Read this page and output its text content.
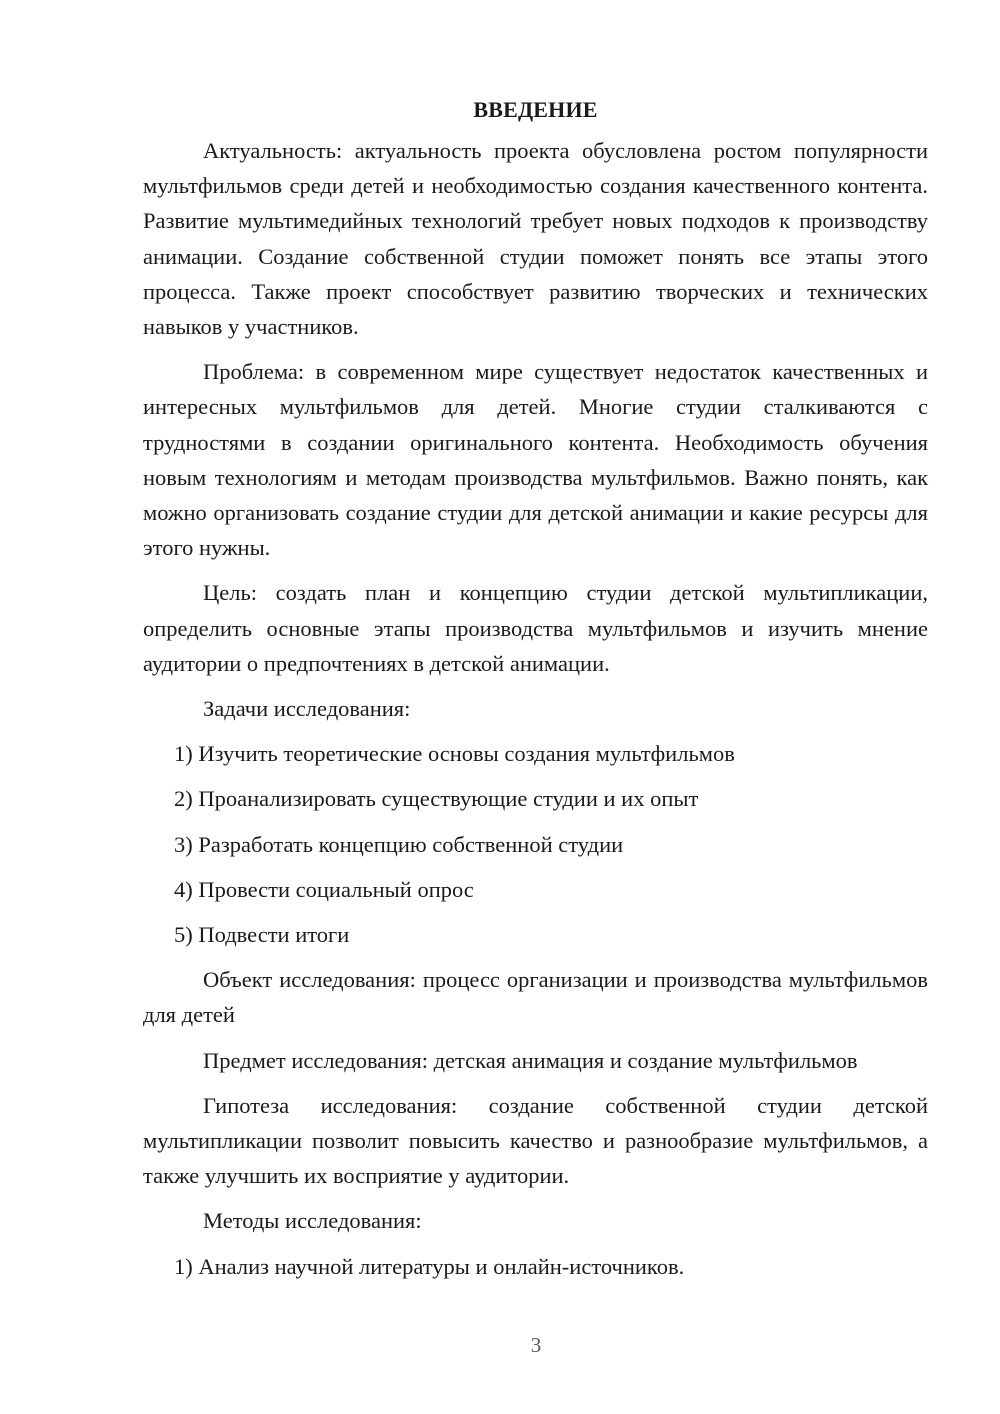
ВВЕДЕНИЕ

Актуальность: актуальность проекта обусловлена ростом популярности мультфильмов среди детей и необходимостью создания качественного контента. Развитие мультимедийных технологий требует новых подходов к производству анимации. Создание собственной студии поможет понять все этапы этого процесса. Также проект способствует развитию творческих и технических навыков у участников.

Проблема: в современном мире существует недостаток качественных и интересных мультфильмов для детей. Многие студии сталкиваются с трудностями в создании оригинального контента. Необходимость обучения новым технологиям и методам производства мультфильмов. Важно понять, как можно организовать создание студии для детской анимации и какие ресурсы для этого нужны.

Цель: создать план и концепцию студии детской мультипликации, определить основные этапы производства мультфильмов и изучить мнение аудитории о предпочтениях в детской анимации.

Задачи исследования:

1) Изучить теоретические основы создания мультфильмов

2) Проанализировать существующие студии и их опыт

3) Разработать концепцию собственной студии

4) Провести социальный опрос

5) Подвести итоги

Объект исследования: процесс организации и производства мультфильмов для детей

Предмет исследования: детская анимация и создание мультфильмов

Гипотеза исследования: создание собственной студии детской мультипликации позволит повысить качество и разнообразие мультфильмов, а также улучшить их восприятие у аудитории.

Методы исследования:

1) Анализ научной литературы и онлайн-источников.

3
